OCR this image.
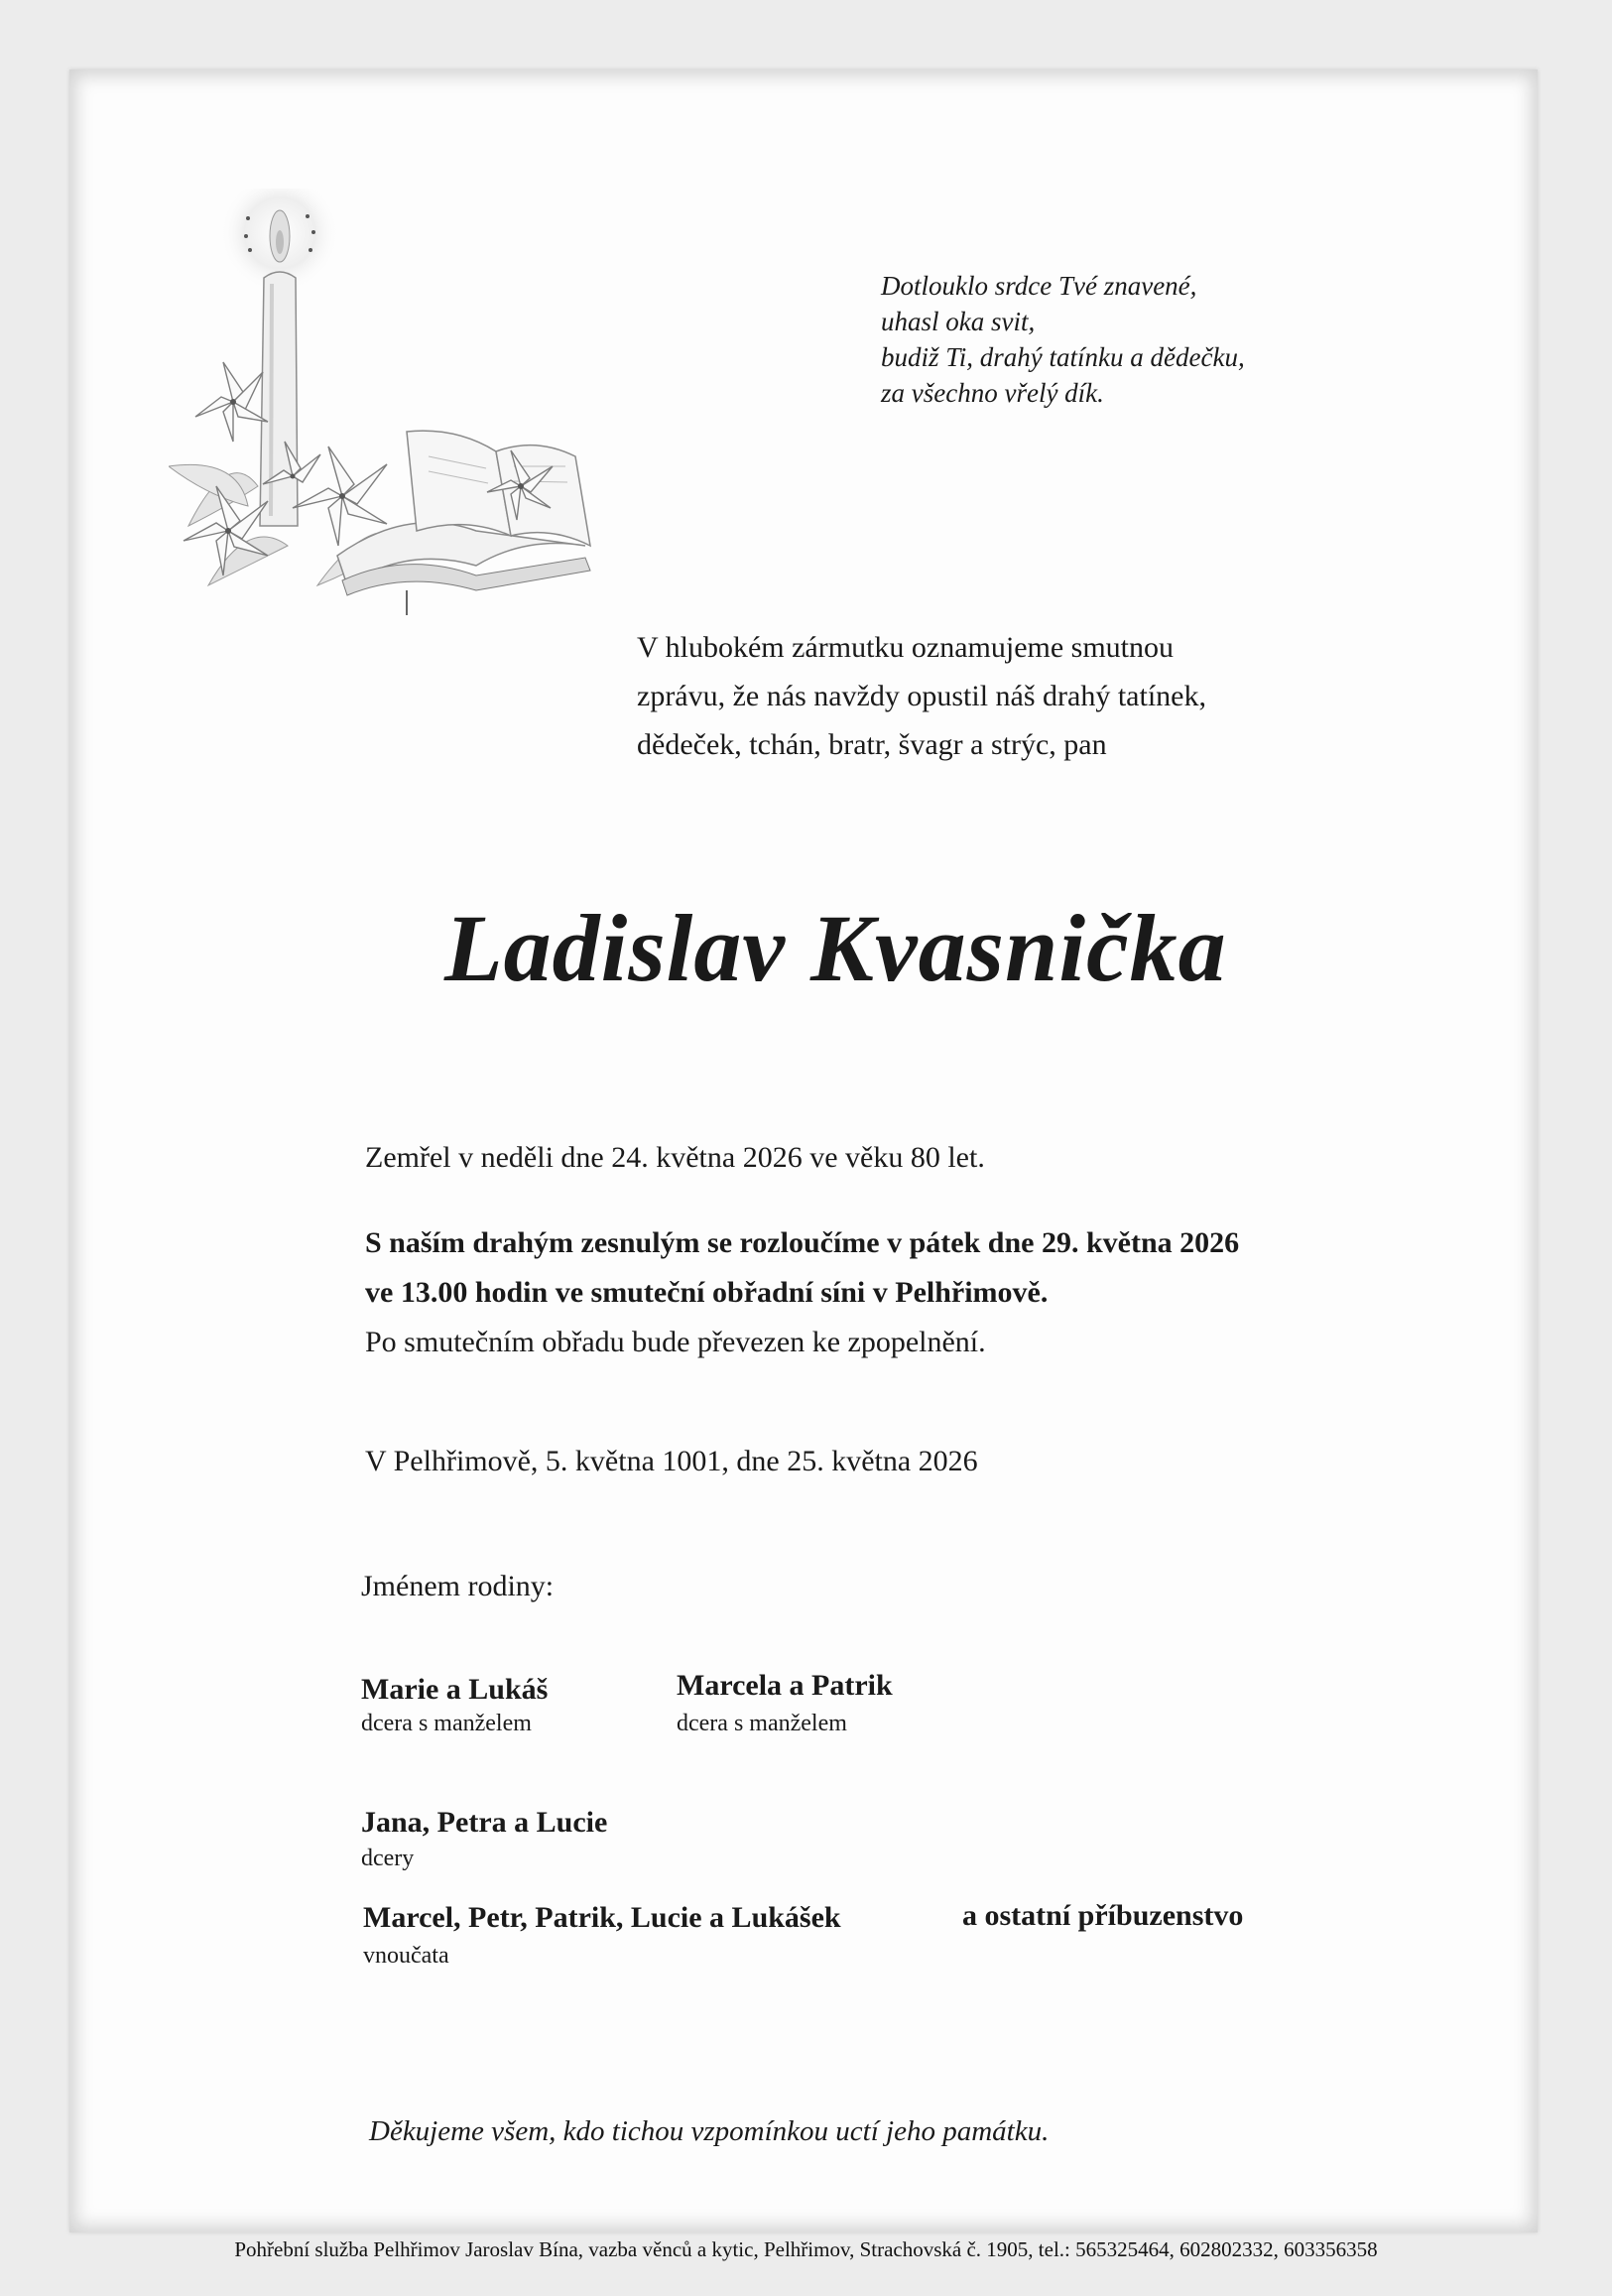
Dotlouklo srdce Tvé znavené,
uhasl oka svit,
budiž Ti, drahý tatínku a dědečku,
za všechno vřelý dík.
V hlubokém zármutku oznamujeme smutnou
zprávu, že nás navždy opustil náš drahý tatínek,
dědeček, tchán, bratr, švagr a strýc, pan
Ladislav Kvasnička
Zemřel v neděli dne 24. května 2026 ve věku 80 let.
S naším drahým zesnulým se rozloučíme v pátek dne 29. května 2026
ve 13.00 hodin ve smuteční obřadní síni v Pelhřimově.
Po smutečním obřadu bude převezen ke zpopelnění.
V Pelhřimově, 5. května 1001, dne 25. května 2026
Jménem rodiny:
Marie a Lukáš
dcera s manželem
Marcela a Patrik
dcera s manželem
Jana, Petra a Lucie
dcery
Marcel, Petr, Patrik, Lucie a Lukášek
vnoučata
a ostatní příbuzenstvo
Děkujeme všem, kdo tichou vzpomínkou uctí jeho památku.
Pohřební služba Pelhřimov Jaroslav Bína, vazba věnců a kytic, Pelhřimov, Strachovská č. 1905, tel.: 565325464, 602802332, 603356358
